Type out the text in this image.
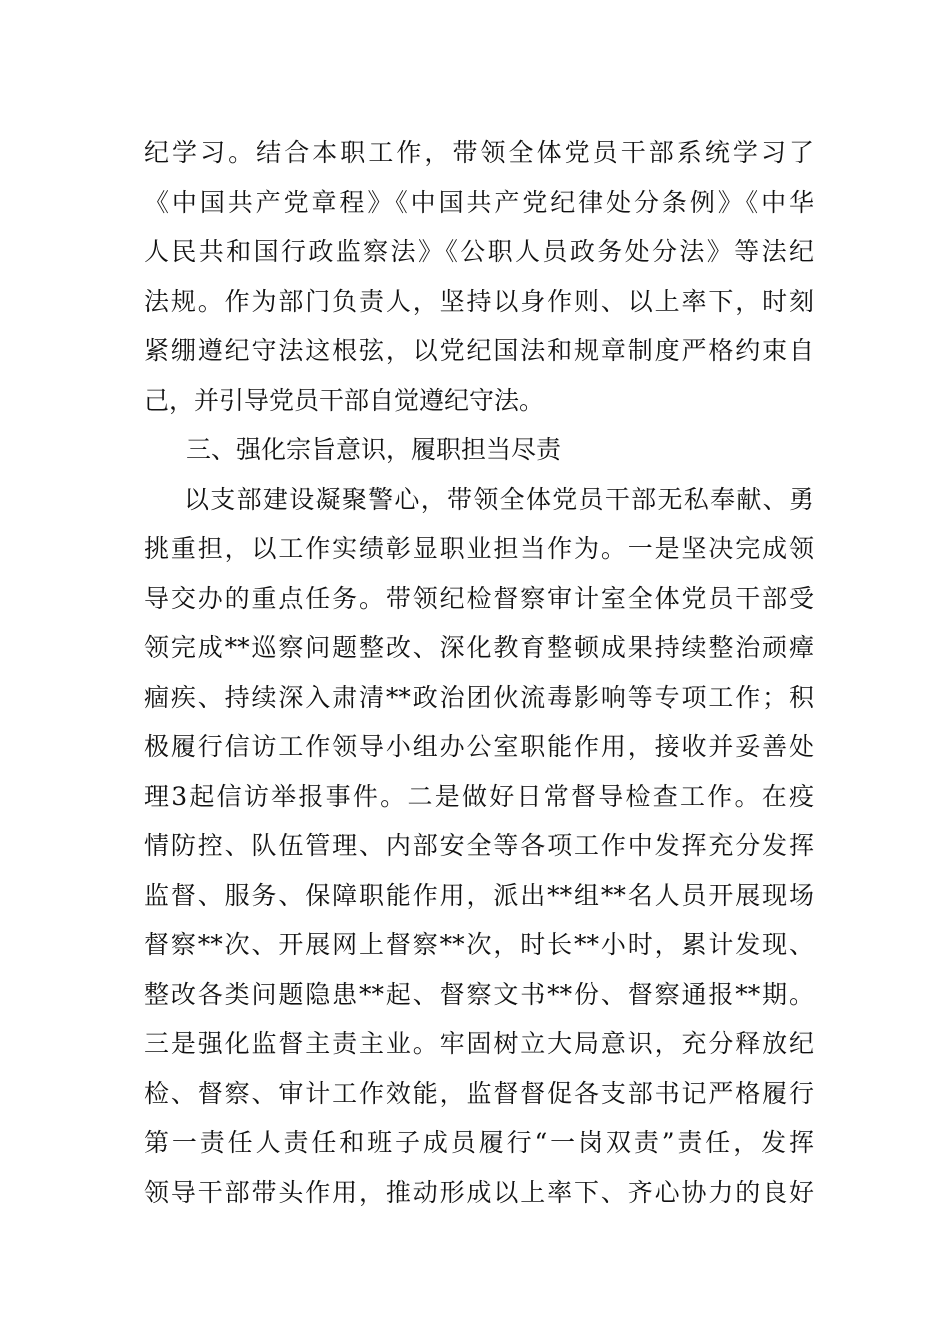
纪学习。结合本职工作，带领全体党员干部系统学习了
《中国共产党章程》《中国共产党纪律处分条例》《中华
人民共和国行政监察法》《公职人员政务处分法》等法纪
法规。作为部门负责人，坚持以身作则、以上率下，时刻
紧绷遵纪守法这根弦，以党纪国法和规章制度严格约束自
己，并引导党员干部自觉遵纪守法。
三、强化宗旨意识，履职担当尽责
以支部建设凝聚警心，带领全体党员干部无私奉献、勇
挑重担，以工作实绩彰显职业担当作为。一是坚决完成领
导交办的重点任务。带领纪检督察审计室全体党员干部受
领完成**巡察问题整改、深化教育整顿成果持续整治顽瘴
痼疾、持续深入肃清**政治团伙流毒影响等专项工作；积
极履行信访工作领导小组办公室职能作用，接收并妥善处
理3起信访举报事件。二是做好日常督导检查工作。在疫
情防控、队伍管理、内部安全等各项工作中发挥充分发挥
监督、服务、保障职能作用，派出**组**名人员开展现场
督察**次、开展网上督察**次，时长**小时，累计发现、
整改各类问题隐患**起、督察文书**份、督察通报**期。
三是强化监督主责主业。牢固树立大局意识，充分释放纪
检、督察、审计工作效能，监督督促各支部书记严格履行
第一责任人责任和班子成员履行“一岗双责”责任，发挥
领导干部带头作用，推动形成以上率下、齐心协力的良好
